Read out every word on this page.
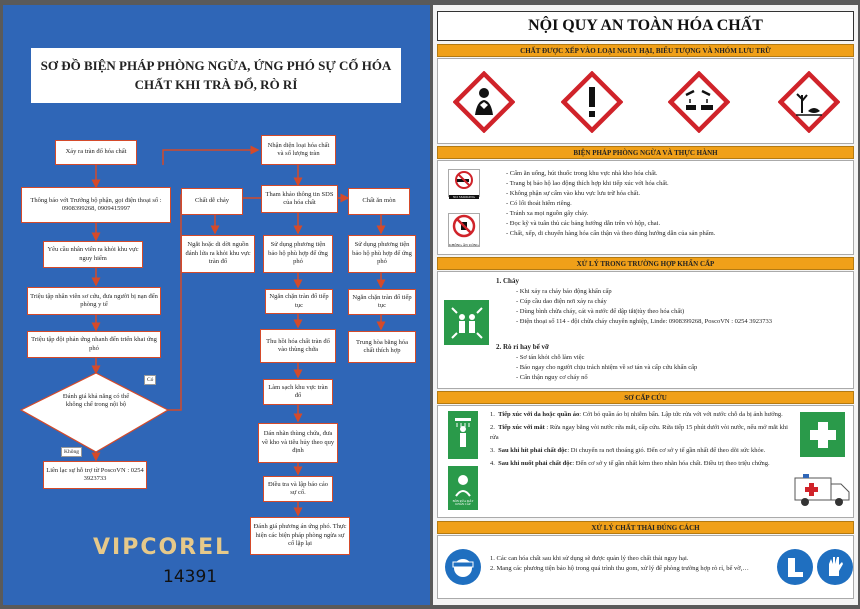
SƠ ĐỒ BIỆN PHÁP PHÒNG NGỪA, ỨNG PHÓ SỰ CỐ HÓA
CHẤT KHI TRÀ ĐỔ, RÒ RỈ
Xảy ra tràn đổ hóa chất
Thông báo với Trưởng bộ phận, gọi điện thoại số : 0908399268, 0909415997
Yêu cầu nhân viên ra khỏi khu vực nguy hiểm
Triệu tập nhân viên sơ cứu, đưa người bị nạn đến phòng y tế
Triệu tập đội phản ứng nhanh đến triển khai ứng phó
Đánh giá khả năng có thể không chế trong nội bộ
Có
Không
Liên lạc sự hỗ trợ từ PoscoVN : 0254 3923733
Nhận diện loại hóa chất và số lượng tràn
Tham khảo thông tin SDS của hóa chất
Chất dễ cháy	Chất ăn mòn
Ngắt hoặc di dời nguồn đánh lửa ra khỏi khu vực tràn đổ
Sử dụng phương tiện bảo hộ phù hợp để ứng phó
Sử dụng phương tiện bảo hộ phù hợp để ứng phó
Ngăn chặn tràn đổ tiếp tục
Ngăn chặn tràn đổ tiếp tục
Thu hồi hóa chất tràn đổ vào thùng chứa
Trung hòa bằng hóa chất thích hợp
Làm sạch khu vực tràn đổ
Dán nhãn thùng chứa, đưa về kho và tiêu hủy theo quy định
Điều tra và lập báo cáo sự cố.
Đánh giá phương án ứng phó. Thực hiện các biện pháp phòng ngừa sự cố lặp lại
VIPCOREL
14391
NỘI QUY AN TOÀN HÓA CHẤT
CHẤT ĐƯỢC XẾP VÀO LOẠI NGUY HẠI, BIỂU TƯỢNG VÀ NHÓM LƯU TRỮ
BIỆN PHÁP PHÒNG NGỪA VÀ THỰC HÀNH
NO SMOKING
KHÔNG ĂN UỐNG
- Cấm ăn uống, hút thuốc trong khu vực nhà kho hóa chất.
- Trang bị bảo hộ lao động thích hợp khi tiếp xúc với hóa chất.
- Không phận sự cấm vào khu vực lưu trữ hóa chất.
- Có lối thoát hiểm riêng.
- Tránh xa mọi nguồn gây cháy.
- Đọc kỹ và tuân thủ các bảng hướng dẫn trên vỏ hộp, chai.
- Chất, xếp, di chuyển hàng hóa cẩn thận và theo đúng hướng dẫn của sản phẩm.
XỬ LÝ TRONG TRƯỜNG HỢP KHẨN CẤP
1. Cháy
- Khi xảy ra cháy báo động khẩn cấp
- Cúp cầu dao điện nơi xảy ra cháy
- Dùng bình chữa cháy, cát và nước để dập tắt(tùy theo hóa chất)
- Điện thoại số 114 - đội chữa cháy chuyên nghiệp, Linde: 0908399268, PoscoVN : 0254 3923733
2. Rò rỉ hay bể vỡ
- Sơ tán khỏi chỗ làm việc
- Báo ngay cho người chịu trách nhiệm về sơ tán và cấp cứu khẩn cấp
- Cẩn thận nguy cơ cháy nổ
SƠ CẤP CỨU
BỒN RỬA MẮT KHẨN CẤP
1. Tiếp xúc với da hoặc quần áo: Cởi bỏ quần áo bị nhiễm bẩn. Lập tức rửa với với nước chỗ da bị ảnh hưởng.
2. Tiếp xúc với mắt : Rửa ngay bằng vòi nước rửa mắt, cấp cứu. Rửa tiếp 15 phút dưới vòi nước, nếu mở mắt khi rửa
3. Sau khi hít phải chất độc: Di chuyển ra nơi thoáng gió. Đến cơ sở y tế gần nhất để theo dõi sức khỏe.
4. Sau khi nuốt phải chất độc: Đến cơ sở y tế gần nhất kèm theo nhãn hóa chất. Điều trị theo triệu chứng.
XỬ LÝ CHẤT THẢI ĐÚNG CÁCH
1. Các can hóa chất sau khi sử dụng sẽ được quản lý theo chất thải nguy hại.
2. Mang các phương tiện bảo hộ trong quá trình thu gom, xử lý để phòng trường hợp rò rỉ, bể vỡ,…
